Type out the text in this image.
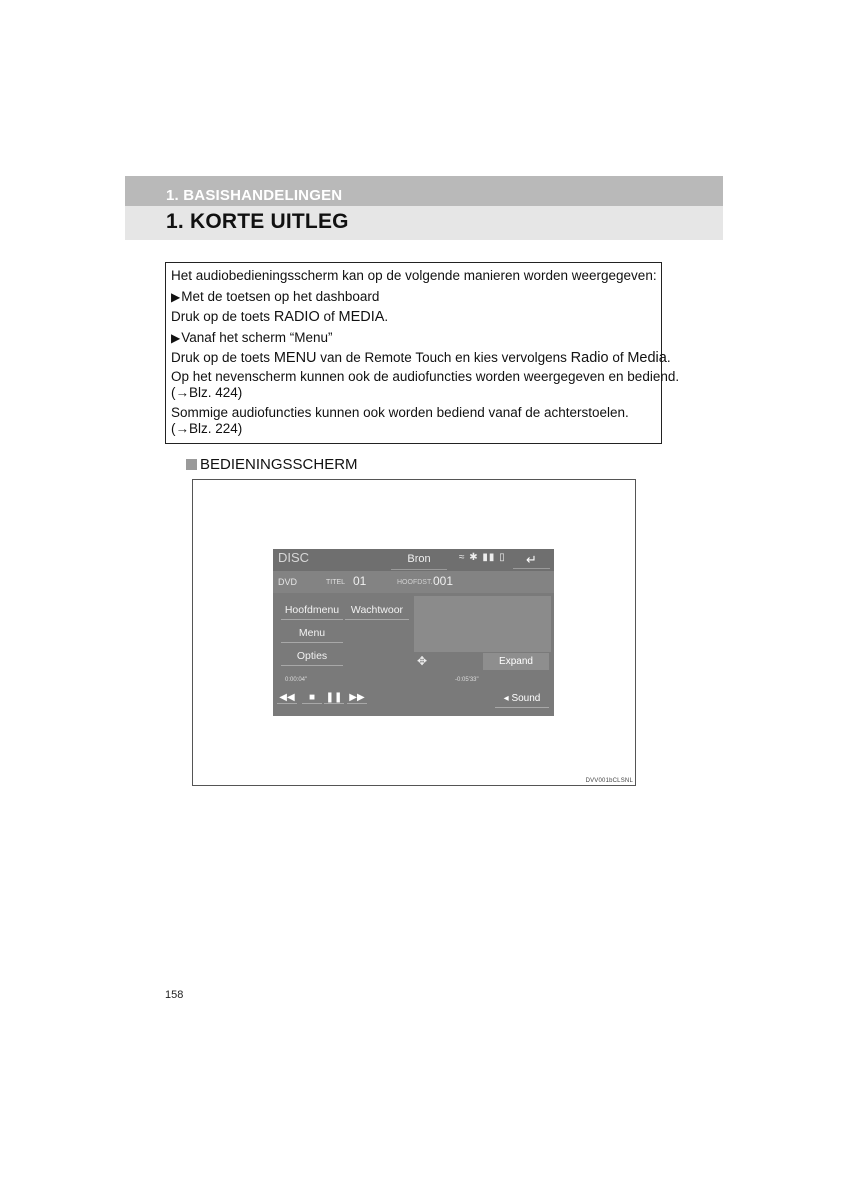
1. BASISHANDELINGEN
1. KORTE UITLEG

Het audiobedieningsscherm kan op de volgende manieren worden weergegeven:

▶Met de toetsen op het dashboard

Druk op de toets RADIO of MEDIA.

▶Vanaf het scherm “Menu”

Druk op de toets MENU van de Remote Touch en kies vervolgens Radio of Media.

Op het nevenscherm kunnen ook de audiofuncties worden weergegeven en bediend.

(→Blz. 424)

Sommige audiofuncties kunnen ook worden bediend vanaf de achterstoelen.

(→Blz. 224)

BEDIENINGSSCHERM
DISC	Bron	≈ ✱ ▮▮ ▯	↵
DVD	TITEL 01	HOOFDST. 001
Hoofdmenu	Wachtwoor
Menu
Opties	✥	Expand
0:00:04"	-0:05'33"
◀◀	■	❚❚ ▶▶	◂ Sound
DVV001bCLSNL
158
